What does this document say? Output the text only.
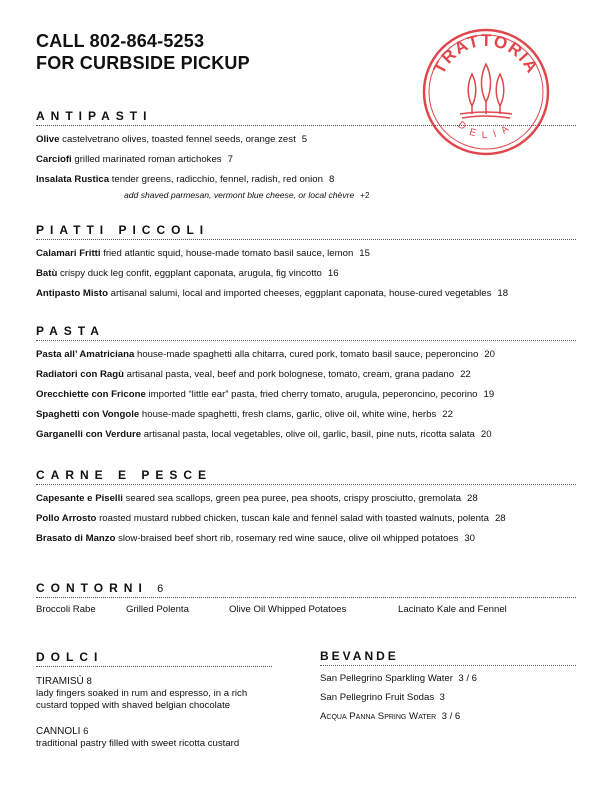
CALL 802-864-5253
FOR CURBSIDE PICKUP	TRATTORIA
DELIA
ANTIPASTI
Olive castelvetrano olives, toasted fennel seeds, orange zest 5
Carciofi grilled marinated roman artichokes 7
Insalata Rustica tender greens, radicchio, fennel, radish, red onion 8
add shaved parmesan, vermont blue cheese, or local chèvre +2
PIATTI PICCOLI
Calamari Fritti fried atlantic squid, house-made tomato basil sauce, lemon 15
Batù crispy duck leg confit, eggplant caponata, arugula, fig vincotto 16
Antipasto Misto artisanal salumi, local and imported cheeses, eggplant caponata, house-cured vegetables 18
PASTA
Pasta all’ Amatriciana house-made spaghetti alla chitarra, cured pork, tomato basil sauce, peperoncino 20
Radiatori con Ragù artisanal pasta, veal, beef and pork bolognese, tomato, cream, grana padano 22
Orecchiette con Fricone imported “little ear” pasta, fried cherry tomato, arugula, peperoncino, pecorino 19
Spaghetti con Vongole house-made spaghetti, fresh clams, garlic, olive oil, white wine, herbs 22
Garganelli con Verdure artisanal pasta, local vegetables, olive oil, garlic, basil, pine nuts, ricotta salata 20
CARNE E PESCE
Capesante e Piselli seared sea scallops, green pea puree, pea shoots, crispy prosciutto, gremolata 28
Pollo Arrosto roasted mustard rubbed chicken, tuscan kale and fennel salad with toasted walnuts, polenta 28
Brasato di Manzo slow-braised beef short rib, rosemary red wine sauce, olive oil whipped potatoes 30
CONTORNI 6
Broccoli Rabe	Grilled Polenta	Olive Oil Whipped Potatoes	Lacinato Kale and Fennel
DOLCI
TIRAMISÙ 8
lady fingers soaked in rum and espresso, in a rich custard topped with shaved belgian chocolate
CANNOLI 6
traditional pastry filled with sweet ricotta custard
BEVANDE
San Pellegrino Sparkling Water 3 / 6
San Pellegrino Fruit Sodas 3
Acqua Panna Spring Water 3 / 6
